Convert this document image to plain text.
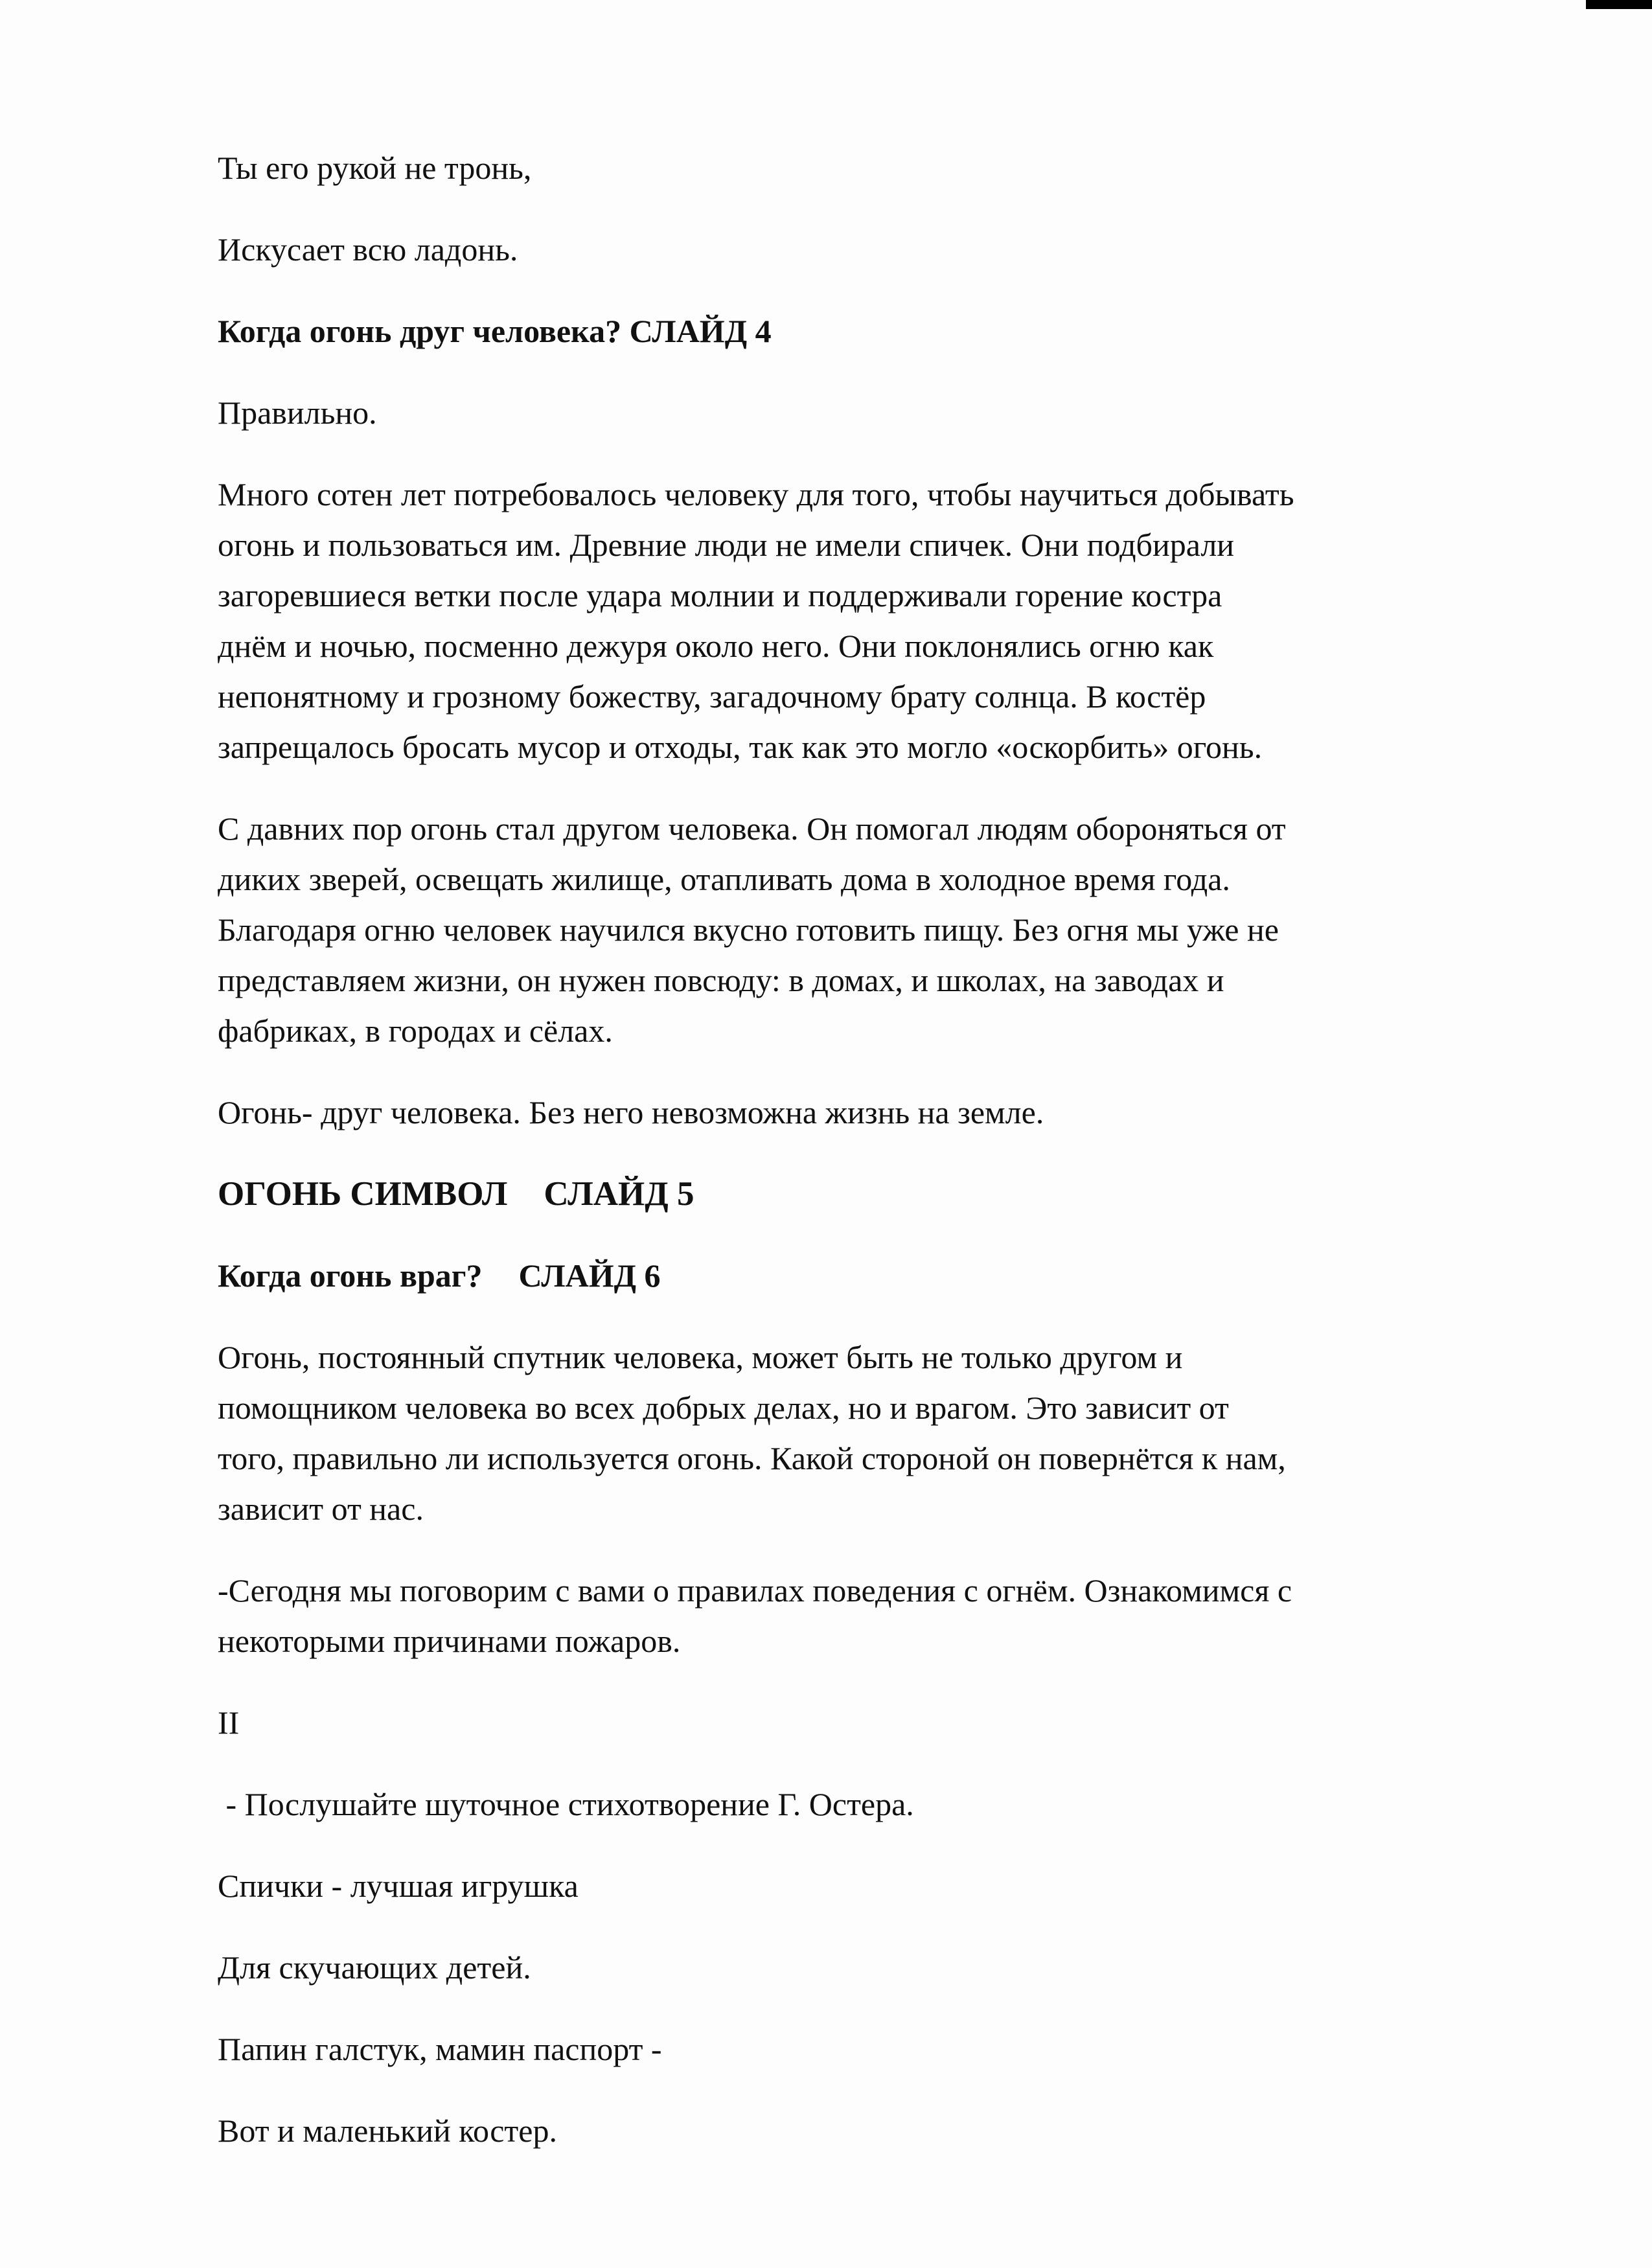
Ты его рукой не тронь,

Искусает всю ладонь.

Когда огонь друг человека? СЛАЙД 4

Правильно.

Много сотен лет потребовалось человеку для того, чтобы научиться добывать

огонь и пользоваться им. Древние люди не имели спичек. Они подбирали

загоревшиеся ветки после удара молнии и поддерживали горение костра

днём и ночью, посменно дежуря около него. Они поклонялись огню как

непонятному и грозному божеству, загадочному брату солнца. В костёр

запрещалось бросать мусор и отходы, так как это могло «оскорбить» огонь.

С давних пор огонь стал другом человека. Он помогал людям обороняться от

диких зверей, освещать жилище, отапливать дома в холодное время года.

Благодаря огню человек научился вкусно готовить пищу. Без огня мы уже не

представляем жизни, он нужен повсюду: в домах, и школах, на заводах и

фабриках, в городах и сёлах.

Огонь- друг человека. Без него невозможна жизнь на земле.

ОГОНЬ СИМВОЛ СЛАЙД 5

Когда огонь враг? СЛАЙД 6

Огонь, постоянный спутник человека, может быть не только другом и

помощником человека во всех добрых делах, но и врагом. Это зависит от

того, правильно ли используется огонь. Какой стороной он повернётся к нам,

зависит от нас.

-Сегодня мы поговорим с вами о правилах поведения с огнём. Ознакомимся с

некоторыми причинами пожаров.

II

- Послушайте шуточное стихотворение Г. Остера.

Спички - лучшая игрушка

Для скучающих детей.

Папин галстук, мамин паспорт -

Вот и маленький костер.
